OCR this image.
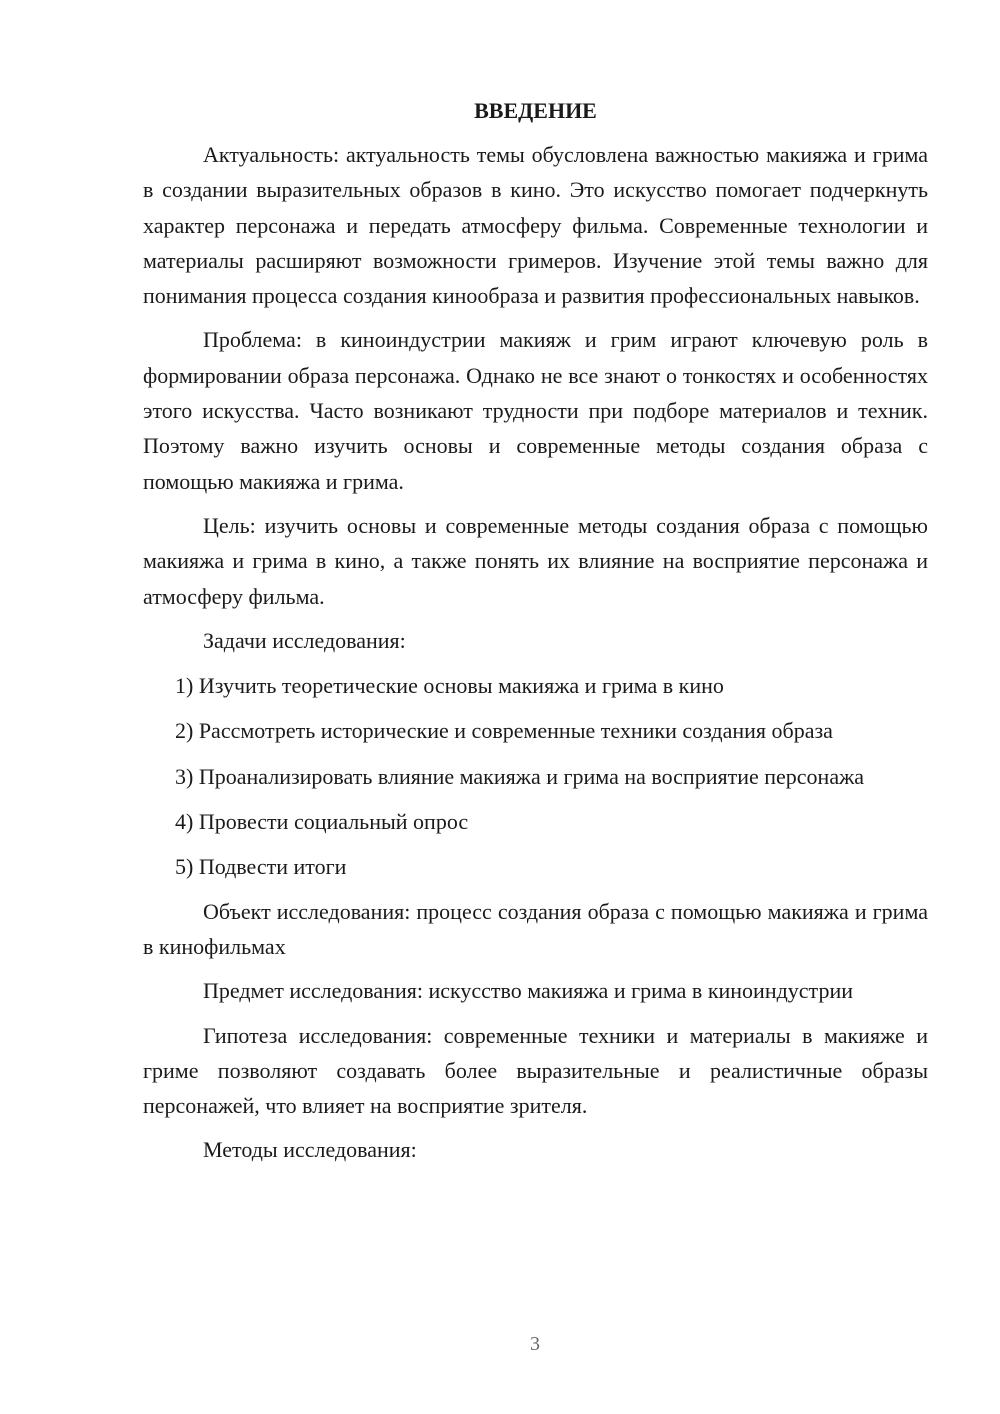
ВВЕДЕНИЕ

Актуальность: актуальность темы обусловлена важностью макияжа и грима в создании выразительных образов в кино. Это искусство помогает подчеркнуть характер персонажа и передать атмосферу фильма. Современные технологии и материалы расширяют возможности гримеров. Изучение этой темы важно для понимания процесса создания кинообраза и развития профессиональных навыков.

Проблема: в киноиндустрии макияж и грим играют ключевую роль в формировании образа персонажа. Однако не все знают о тонкостях и особенностях этого искусства. Часто возникают трудности при подборе материалов и техник. Поэтому важно изучить основы и современные методы создания образа с помощью макияжа и грима.

Цель: изучить основы и современные методы создания образа с помощью макияжа и грима в кино, а также понять их влияние на восприятие персонажа и атмосферу фильма.

Задачи исследования:

1) Изучить теоретические основы макияжа и грима в кино

2) Рассмотреть исторические и современные техники создания образа

3) Проанализировать влияние макияжа и грима на восприятие персонажа

4) Провести социальный опрос

5) Подвести итоги

Объект исследования: процесс создания образа с помощью макияжа и грима в кинофильмах

Предмет исследования: искусство макияжа и грима в киноиндустрии

Гипотеза исследования: современные техники и материалы в макияже и гриме позволяют создавать более выразительные и реалистичные образы персонажей, что влияет на восприятие зрителя.

Методы исследования:

3
